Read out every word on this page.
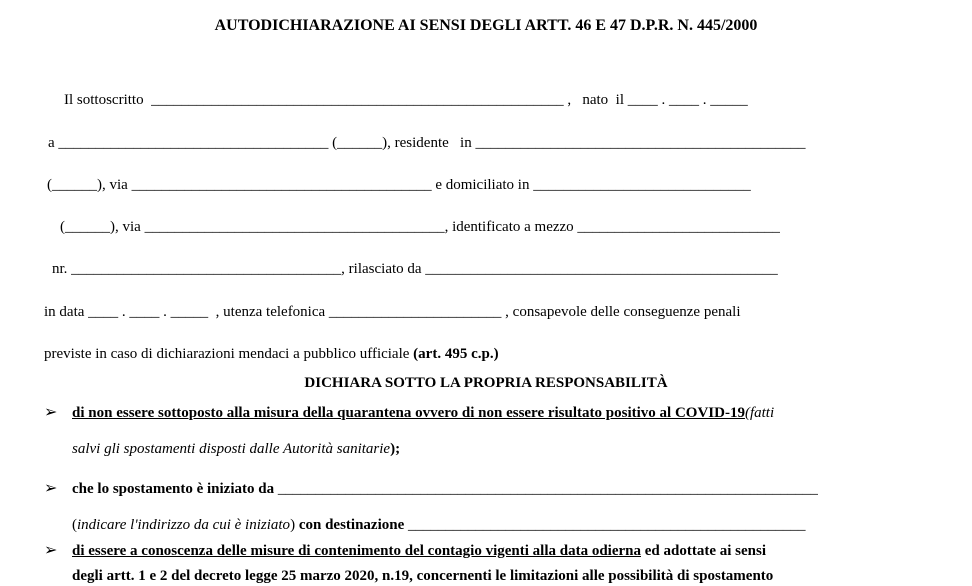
AUTODICHIARAZIONE AI SENSI DEGLI ARTT. 46 E 47 D.P.R. N. 445/2000
Il sottoscritto  _______________________________________________________ ,   nato  il ____ . ____ . _____
a ____________________________________ (______), residente   in ____________________________________________
(______), via ________________________________________ e domiciliato in _____________________________
(______), via ________________________________________, identificato a mezzo ___________________________
nr. ____________________________________, rilasciato da _______________________________________________
in data ____ . ____ . _____  , utenza telefonica _______________________ , consapevole delle conseguenze penali
previste in caso di dichiarazioni mendaci a pubblico ufficiale (art. 495 c.p.)
DICHIARA SOTTO LA PROPRIA RESPONSABILITÀ
➢ di non essere sottoposto alla misura della quarantena ovvero di non essere risultato positivo al COVID-19(fatti
salvi gli spostamenti disposti dalle Autorità sanitarie);
➢ che lo spostamento è iniziato da ________________________________________________________________________
(indicare l'indirizzo da cui è iniziato) con destinazione _____________________________________________________
➢ di essere a conoscenza delle misure di contenimento del contagio vigenti alla data odierna ed adottate ai sensi
degli artt. 1 e 2 del decreto legge 25 marzo 2020, n.19, concernenti le limitazioni alle possibilità di spostamento
